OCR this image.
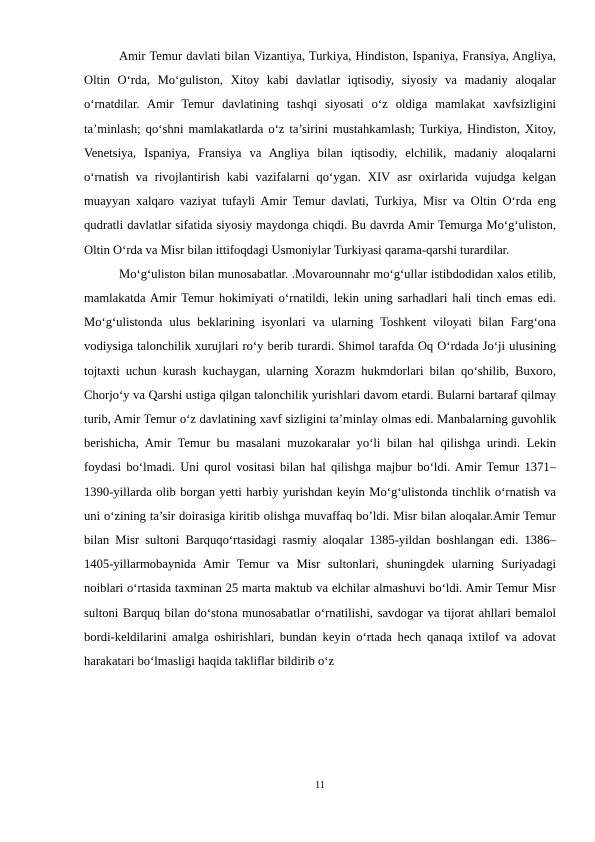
Amir Temur davlati bilan Vizantiya, Turkiya, Hindiston, Ispaniya, Fransiya, Angliya, Oltin O‘rda, Mo‘guliston, Xitoy kabi davlatlar iqtisodiy, siyosiy va madaniy aloqalar o‘rnatdilar. Amir Temur davlatining tashqi siyosati o‘z oldiga mamlakat xavfsizligini ta’minlash; qo‘shni mamlakatlarda o‘z ta’sirini mustahkamlash; Turkiya, Hindiston, Xitoy, Venetsiya, Ispaniya, Fransiya va Angliya bilan iqtisodiy, elchilik, madaniy aloqalarni o‘rnatish va rivojlantirish kabi vazifalarni qo‘ygan. XIV asr oxirlarida vujudga kelgan muayyan xalqaro vaziyat tufayli Amir Temur davlati, Turkiya, Misr va Oltin O‘rda eng qudratli davlatlar sifatida siyosiy maydonga chiqdi. Bu davrda Amir Temurga Mo‘g‘uliston, Oltin O‘rda va Misr bilan ittifoqdagi Usmoniylar Turkiyasi qarama-qarshi turardilar.

Mo‘g‘uliston bilan munosabatlar. .Movarounnahr mo‘g‘ullar istibdodidan xalos etilib, mamlakatda Amir Temur hokimiyati o‘rnatildi, lekin uning sarhadlari hali tinch emas edi. Mo‘g‘ulistonda ulus beklarining isyonlari va ularning Toshkent viloyati bilan Farg‘ona vodiysiga talonchilik xurujlari ro‘y berib turardi. Shimol tarafda Oq O‘rdada Jo‘ji ulusining tojtaxti uchun kurash kuchaygan, ularning Xorazm hukmdorlari bilan qo‘shilib, Buxoro, Chorjo‘y va Qarshi ustiga qilgan talonchilik yurishlari davom etardi. Bularni bartaraf qilmay turib, Amir Temur o‘z davlatining xavf sizligini ta’minlay olmas edi. Manbalarning guvohlik berishicha, Amir Temur bu masalani muzokaralar yo‘li bilan hal qilishga urindi. Lekin foydasi bo‘lmadi. Uni qurol vositasi bilan hal qilishga majbur bo‘ldi. Amir Temur 1371–1390-yillarda olib borgan yetti harbiy yurishdan keyin Mo‘g‘ulistonda tinchlik o‘rnatish va uni o‘zining ta’sir doirasiga kiritib olishga muvaffaq bo’ldi. Misr bilan aloqalar.Amir Temur bilan Misr sultoni Barquqo‘rtasidagi rasmiy aloqalar 1385-yildan boshlangan edi. 1386–1405-yillarmobaynida Amir Temur va Misr sultonlari, shuningdek ularning Suriyadagi noiblari o‘rtasida taxminan 25 marta maktub va elchilar almashuvi bo‘ldi. Amir Temur Misr sultoni Barquq bilan do‘stona munosabatlar o‘rnatilishi, savdogar va tijorat ahllari bemalol bordi-keldilarini amalga oshirishlari, bundan keyin o‘rtada hech qanaqa ixtilof va adovat harakatari bo‘lmasligi haqida takliflar bildirib o‘z

11
